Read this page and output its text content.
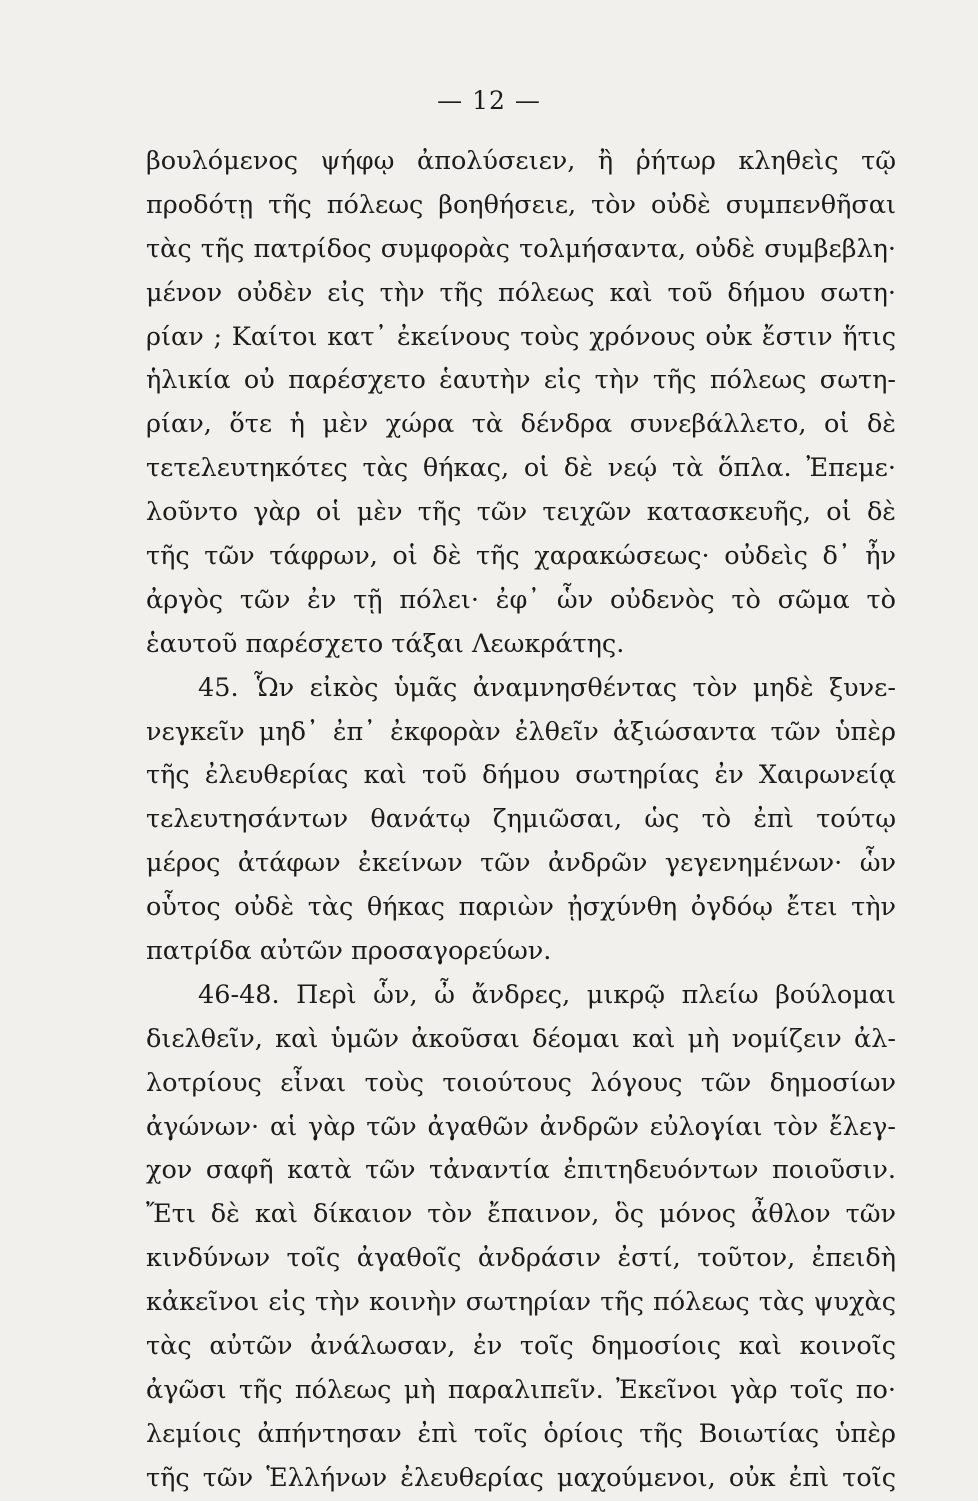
— 12 —
βουλόμενος ψήφῳ ἀπολύσειεν, ἢ ῥήτωρ κληθεὶς τῷ
προδότῃ τῆς πόλεως βοηθήσειε, τὸν οὐδὲ συμπενθῆσαι
τὰς τῆς πατρίδος συμφορὰς τολμήσαντα, οὐδὲ συμβεβλη·
μένον οὐδὲν εἰς τὴν τῆς πόλεως καὶ τοῦ δήμου σωτη·
ρίαν ; Καίτοι κατ᾽ ἐκείνους τοὺς χρόνους οὐκ ἔστιν ἥτις
ἡλικία οὐ παρέσχετο ἑαυτὴν εἰς τὴν τῆς πόλεως σωτη-
ρίαν, ὅτε ἡ μὲν χώρα τὰ δένδρα συνεβάλλετο, οἱ δὲ
τετελευτηκότες τὰς θήκας, οἱ δὲ νεῴ τὰ ὅπλα. Ἐπεμε·
λοῦντο γὰρ οἱ μὲν τῆς τῶν τειχῶν κατασκευῆς, οἱ δὲ
τῆς τῶν τάφρων, οἱ δὲ τῆς χαρακώσεως· οὐδεὶς δ᾽ ἦν
ἀργὸς τῶν ἐν τῇ πόλει· ἐφ᾽ ὧν οὐδενὸς τὸ σῶμα τὸ
ἑαυτοῦ παρέσχετο τάξαι Λεωκράτης.
45. Ὧν εἰκὸς ὑμᾶς ἀναμνησθέντας τὸν μηδὲ ξυνε-
νεγκεῖν μηδ᾽ ἐπ᾽ ἐκφορὰν ἐλθεῖν ἀξιώσαντα τῶν ὑπὲρ
τῆς ἐλευθερίας καὶ τοῦ δήμου σωτηρίας ἐν Χαιρωνείᾳ
τελευτησάντων θανάτῳ ζημιῶσαι, ὡς τὸ ἐπὶ τούτῳ
μέρος ἀτάφων ἐκείνων τῶν ἀνδρῶν γεγενημένων· ὧν
οὗτος οὐδὲ τὰς θήκας παριὼν ᾐσχύνθη ὀγδόῳ ἔτει τὴν
πατρίδα αὐτῶν προσαγορεύων.
46-48. Περὶ ὧν, ὦ ἄνδρες, μικρῷ πλείω βούλομαι
διελθεῖν, καὶ ὑμῶν ἀκοῦσαι δέομαι καὶ μὴ νομίζειν ἀλ-
λοτρίους εἶναι τοὺς τοιούτους λόγους τῶν δημοσίων
ἀγώνων· αἱ γὰρ τῶν ἀγαθῶν ἀνδρῶν εὐλογίαι τὸν ἔλεγ-
χον σαφῆ κατὰ τῶν τἀναντία ἐπιτηδευόντων ποιοῦσιν.
Ἔτι δὲ καὶ δίκαιον τὸν ἔπαινον, ὃς μόνος ἆθλον τῶν
κινδύνων τοῖς ἀγαθοῖς ἀνδράσιν ἐστί, τοῦτον, ἐπειδὴ
κἀκεῖνοι εἰς τὴν κοινὴν σωτηρίαν τῆς πόλεως τὰς ψυχὰς
τὰς αὐτῶν ἀνάλωσαν, ἐν τοῖς δημοσίοις καὶ κοινοῖς
ἀγῶσι τῆς πόλεως μὴ παραλιπεῖν. Ἐκεῖνοι γὰρ τοῖς πο·
λεμίοις ἀπήντησαν ἐπὶ τοῖς ὁρίοις τῆς Βοιωτίας ὑπὲρ
τῆς τῶν Ἑλλήνων ἐλευθερίας μαχούμενοι, οὐκ ἐπὶ τοῖς
